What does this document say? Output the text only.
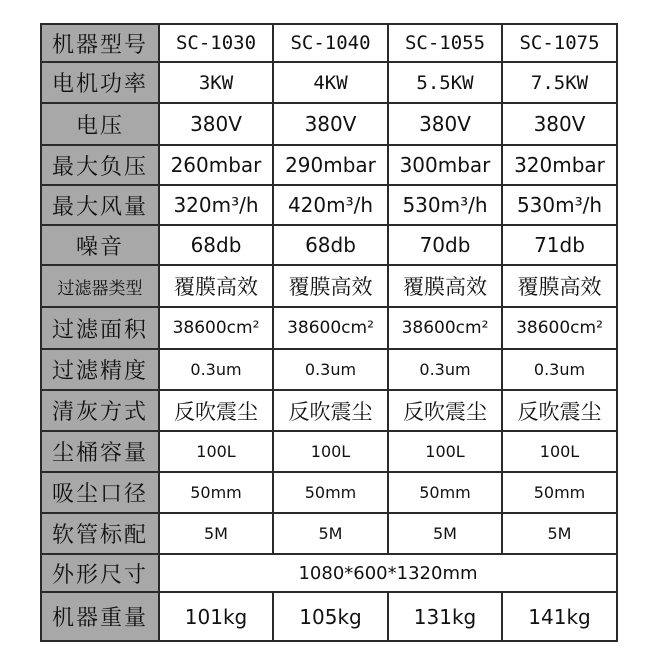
机器型号	SC-1030	SC-1040	SC-1055	SC-1075
电机功率	3KW	4KW	5.5KW	7.5KW
电压	380V	380V	380V	380V
最大负压	260mbar	290mbar	300mbar	320mbar
最大风量	320m³/h	420m³/h	530m³/h	530m³/h
噪音	68db	68db	70db	71db
过滤器类型	覆膜高效	覆膜高效	覆膜高效	覆膜高效
过滤面积	38600cm²	38600cm²	38600cm²	38600cm²
过滤精度	0.3um	0.3um	0.3um	0.3um
清灰方式	反吹震尘	反吹震尘	反吹震尘	反吹震尘
尘桶容量	100L	100L	100L	100L
吸尘口径	50mm	50mm	50mm	50mm
软管标配	5M	5M	5M	5M
外形尺寸	1080*600*1320mm			
机器重量	101kg	105kg	131kg	141kg
